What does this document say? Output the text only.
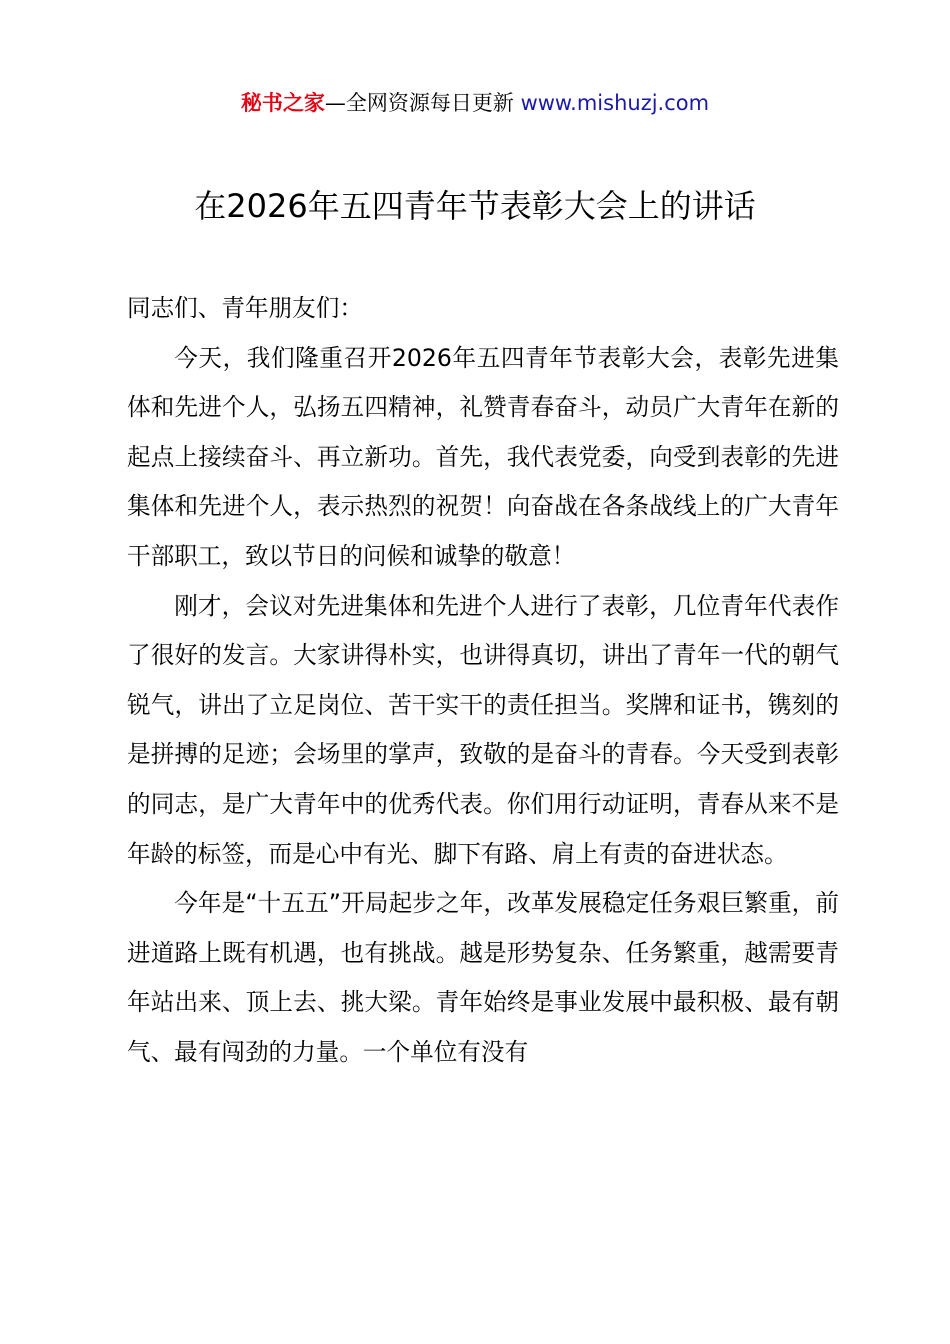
秘书之家—全网资源每日更新 www.mishuzj.com
在2026年五四青年节表彰大会上的讲话

同志们、青年朋友们：

今天，我们隆重召开2026年五四青年节表彰大会，表彰先进集体和先进个人，弘扬五四精神，礼赞青春奋斗，动员广大青年在新的起点上接续奋斗、再立新功。首先，我代表党委，向受到表彰的先进集体和先进个人，表示热烈的祝贺！向奋战在各条战线上的广大青年干部职工，致以节日的问候和诚挚的敬意！

刚才，会议对先进集体和先进个人进行了表彰，几位青年代表作了很好的发言。大家讲得朴实，也讲得真切，讲出了青年一代的朝气锐气，讲出了立足岗位、苦干实干的责任担当。奖牌和证书，镌刻的是拼搏的足迹；会场里的掌声，致敬的是奋斗的青春。今天受到表彰的同志，是广大青年中的优秀代表。你们用行动证明，青春从来不是年龄的标签，而是心中有光、脚下有路、肩上有责的奋进状态。

今年是“十五五”开局起步之年，改革发展稳定任务艰巨繁重，前进道路上既有机遇，也有挑战。越是形势复杂、任务繁重，越需要青年站出来、顶上去、挑大梁。青年始终是事业发展中最积极、最有朝气、最有闯劲的力量。一个单位有没有
